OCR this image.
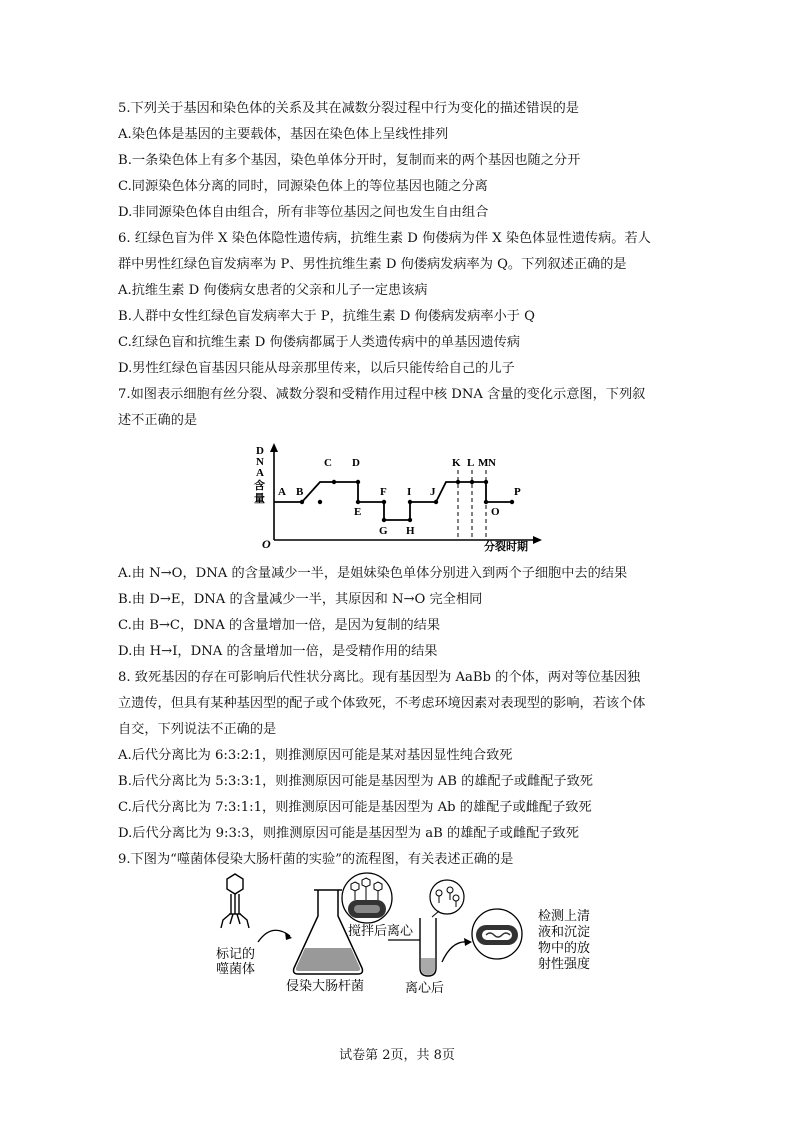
5.下列关于基因和染色体的关系及其在减数分裂过程中行为变化的描述错误的是
A.染色体是基因的主要载体，基因在染色体上呈线性排列
B.一条染色体上有多个基因，染色单体分开时，复制而来的两个基因也随之分开
C.同源染色体分离的同时，同源染色体上的等位基因也随之分离
D.非同源染色体自由组合，所有非等位基因之间也发生自由组合
6. 红绿色盲为伴 X 染色体隐性遗传病，抗维生素 D 佝偻病为伴 X 染色体显性遗传病。若人
群中男性红绿色盲发病率为 P、男性抗维生素 D 佝偻病发病率为 Q。下列叙述正确的是
A.抗维生素 D 佝偻病女患者的父亲和儿子一定患该病
B.人群中女性红绿色盲发病率大于 P，抗维生素 D 佝偻病发病率小于 Q
C.红绿色盲和抗维生素 D 佝偻病都属于人类遗传病中的单基因遗传病
D.男性红绿色盲基因只能从母亲那里传来，以后只能传给自己的儿子
7.如图表示细胞有丝分裂、减数分裂和受精作用过程中核 DNA 含量的变化示意图，下列叙
述不正确的是
D
N
A
含
量
O	分裂时期
A B
C D
E
F
G H
I J
K L M N
O
P
A.由 N→O，DNA 的含量减少一半，是姐妹染色单体分别进入到两个子细胞中去的结果
B.由 D→E，DNA 的含量减少一半，其原因和 N→O 完全相同
C.由 B→C，DNA 的含量增加一倍，是因为复制的结果
D.由 H→I，DNA 的含量增加一倍，是受精作用的结果
8. 致死基因的存在可影响后代性状分离比。现有基因型为 AaBb 的个体，两对等位基因独
立遗传，但具有某种基因型的配子或个体致死，不考虑环境因素对表现型的影响，若该个体
自交，下列说法不正确的是
A.后代分离比为 6:3:2:1，则推测原因可能是某对基因显性纯合致死
B.后代分离比为 5:3:3:1，则推测原因可能是基因型为 AB 的雄配子或雌配子致死
C.后代分离比为 7:3:1:1，则推测原因可能是基因型为 Ab 的雄配子或雌配子致死
D.后代分离比为 9:3:3，则推测原因可能是基因型为 aB 的雄配子或雌配子致死
9.下图为“噬菌体侵染大肠杆菌的实验”的流程图，有关表述正确的是
标记的
噬菌体
侵染大肠杆菌
搅拌后离心
离心后
检测上清
液和沉淀
物中的放
射性强度
试卷第 2页，共 8页
